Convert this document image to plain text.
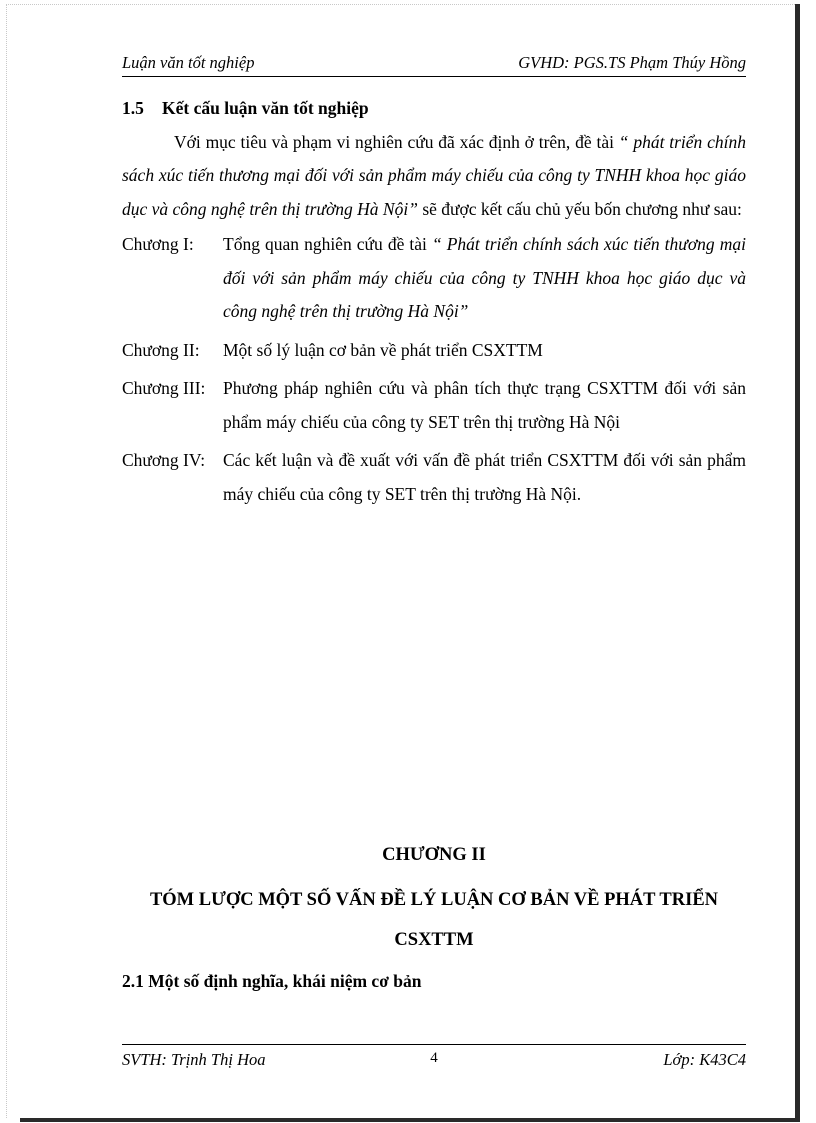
Luận văn tốt nghiệp	GVHD: PGS.TS Phạm Thúy Hồng

1.5 Kết cấu luận văn tốt nghiệp

Với mục tiêu và phạm vi nghiên cứu đã xác định ở trên, đề tài “ phát triển chính sách xúc tiến thương mại đối với sản phẩm máy chiếu của công ty TNHH khoa học giáo dục và công nghệ trên thị trường Hà Nội” sẽ được kết cấu chủ yếu bốn chương như sau:

Chương I:	Tổng quan nghiên cứu đề tài “ Phát triển chính sách xúc tiến thương mại đối với sản phẩm máy chiếu của công ty TNHH khoa học giáo dục và công nghệ trên thị trường Hà Nội”
Chương II:	Một số lý luận cơ bản về phát triển CSXTTM
Chương III:	Phương pháp nghiên cứu và phân tích thực trạng CSXTTM đối với sản phẩm máy chiếu của công ty SET trên thị trường Hà Nội
Chương IV:	Các kết luận và đề xuất với vấn đề phát triển CSXTTM đối với sản phẩm máy chiếu của công ty SET trên thị trường Hà Nội.
CHƯƠNG II
TÓM LƯỢC MỘT SỐ VẤN ĐỀ LÝ LUẬN CƠ BẢN VỀ PHÁT TRIỂN CSXTTM

2.1 Một số định nghĩa, khái niệm cơ bản

SVTH: Trịnh Thị Hoa	4	Lớp: K43C4
